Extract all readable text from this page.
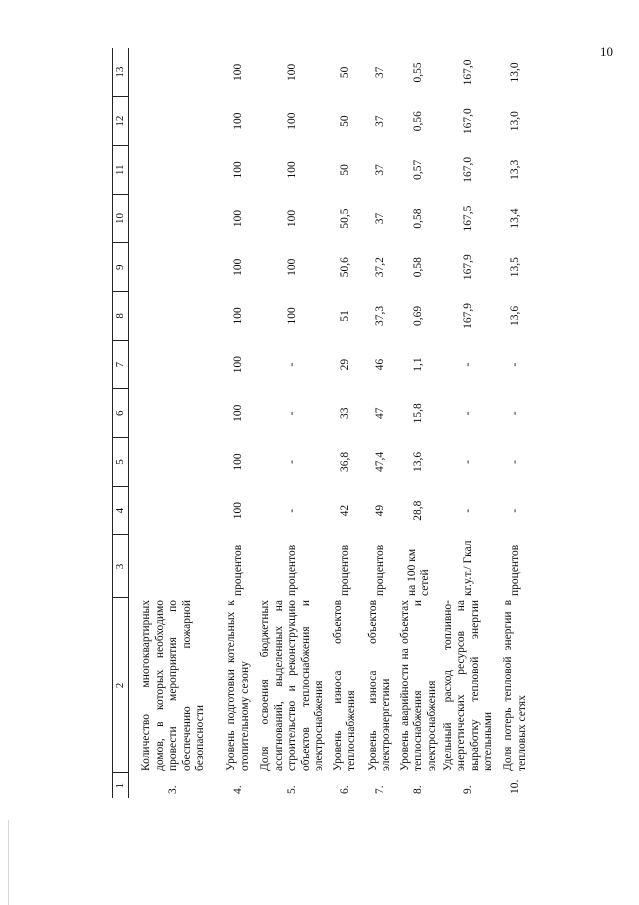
10
1	2	3	4	5	6	7	8	9	10	11	12	13
3.	Количество многоквартирных домов, в которых необходимо провести мероприятия по обеспечению пожарной безопасности											
4.	Уровень подготовки котельных к отопительному сезону	процентов	100	100	100	100	100	100	100	100	100	100
5.	Доля освоения бюджетных ассигнований, выделенных на строительство и реконструкцию объектов теплоснабжения и электроснабжения	процентов	-	-	-	-	100	100	100	100	100	100
6.	Уровень износа объектов теплоснабжения	процентов	42	36,8	33	29	51	50,6	50,5	50	50	50
7.	Уровень износа объектов электроэнергетики	процентов	49	47,4	47	46	37,3	37,2	37	37	37	37
8.	Уровень аварийности на объектах теплоснабжения и электроснабжения	на 100 км сетей	28,8	13,6	15,8	1,1	0,69	0,58	0,58	0,57	0,56	0,55
9.	Удельный расход топливно-энергетических ресурсов на выработку тепловой энергии котельными	кг.у.т./ Гкал	-	-	-	-	167,9	167,9	167,5	167,0	167,0	167,0
10.	Доля потерь тепловой энергии в тепловых сетях	процентов	-	-	-	-	13,6	13,5	13,4	13,3	13,0	13,0
